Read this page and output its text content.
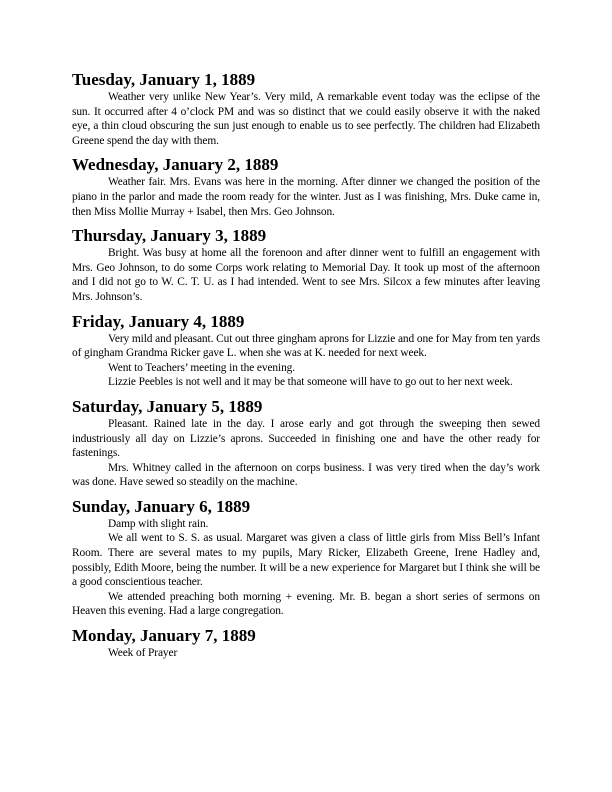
Tuesday, January 1, 1889

Weather very unlike New Year’s. Very mild, A remarkable event today was the eclipse of the sun. It occurred after 4 o’clock PM and was so distinct that we could easily observe it with the naked eye, a thin cloud obscuring the sun just enough to enable us to see perfectly. The children had Elizabeth Greene spend the day with them.

Wednesday, January 2, 1889

Weather fair. Mrs. Evans was here in the morning. After dinner we changed the position of the piano in the parlor and made the room ready for the winter. Just as I was finishing, Mrs. Duke came in, then Miss Mollie Murray + Isabel, then Mrs. Geo Johnson.

Thursday, January 3, 1889

Bright. Was busy at home all the forenoon and after dinner went to fulfill an engagement with Mrs. Geo Johnson, to do some Corps work relating to Memorial Day. It took up most of the afternoon and I did not go to W. C. T. U. as I had intended. Went to see Mrs. Silcox a few minutes after leaving Mrs. Johnson’s.

Friday, January 4, 1889

Very mild and pleasant. Cut out three gingham aprons for Lizzie and one for May from ten yards of gingham Grandma Ricker gave L. when she was at K. needed for next week.

Went to Teachers’ meeting in the evening.

Lizzie Peebles is not well and it may be that someone will have to go out to her next week.

Saturday, January 5, 1889

Pleasant. Rained late in the day. I arose early and got through the sweeping then sewed industriously all day on Lizzie’s aprons. Succeeded in finishing one and have the other ready for fastenings.

Mrs. Whitney called in the afternoon on corps business. I was very tired when the day’s work was done. Have sewed so steadily on the machine.

Sunday, January 6, 1889

Damp with slight rain.

We all went to S. S. as usual. Margaret was given a class of little girls from Miss Bell’s Infant Room. There are several mates to my pupils, Mary Ricker, Elizabeth Greene, Irene Hadley and, possibly, Edith Moore, being the number. It will be a new experience for Margaret but I think she will be a good conscientious teacher.

We attended preaching both morning + evening. Mr. B. began a short series of sermons on Heaven this evening. Had a large congregation.

Monday, January 7, 1889

Week of Prayer
